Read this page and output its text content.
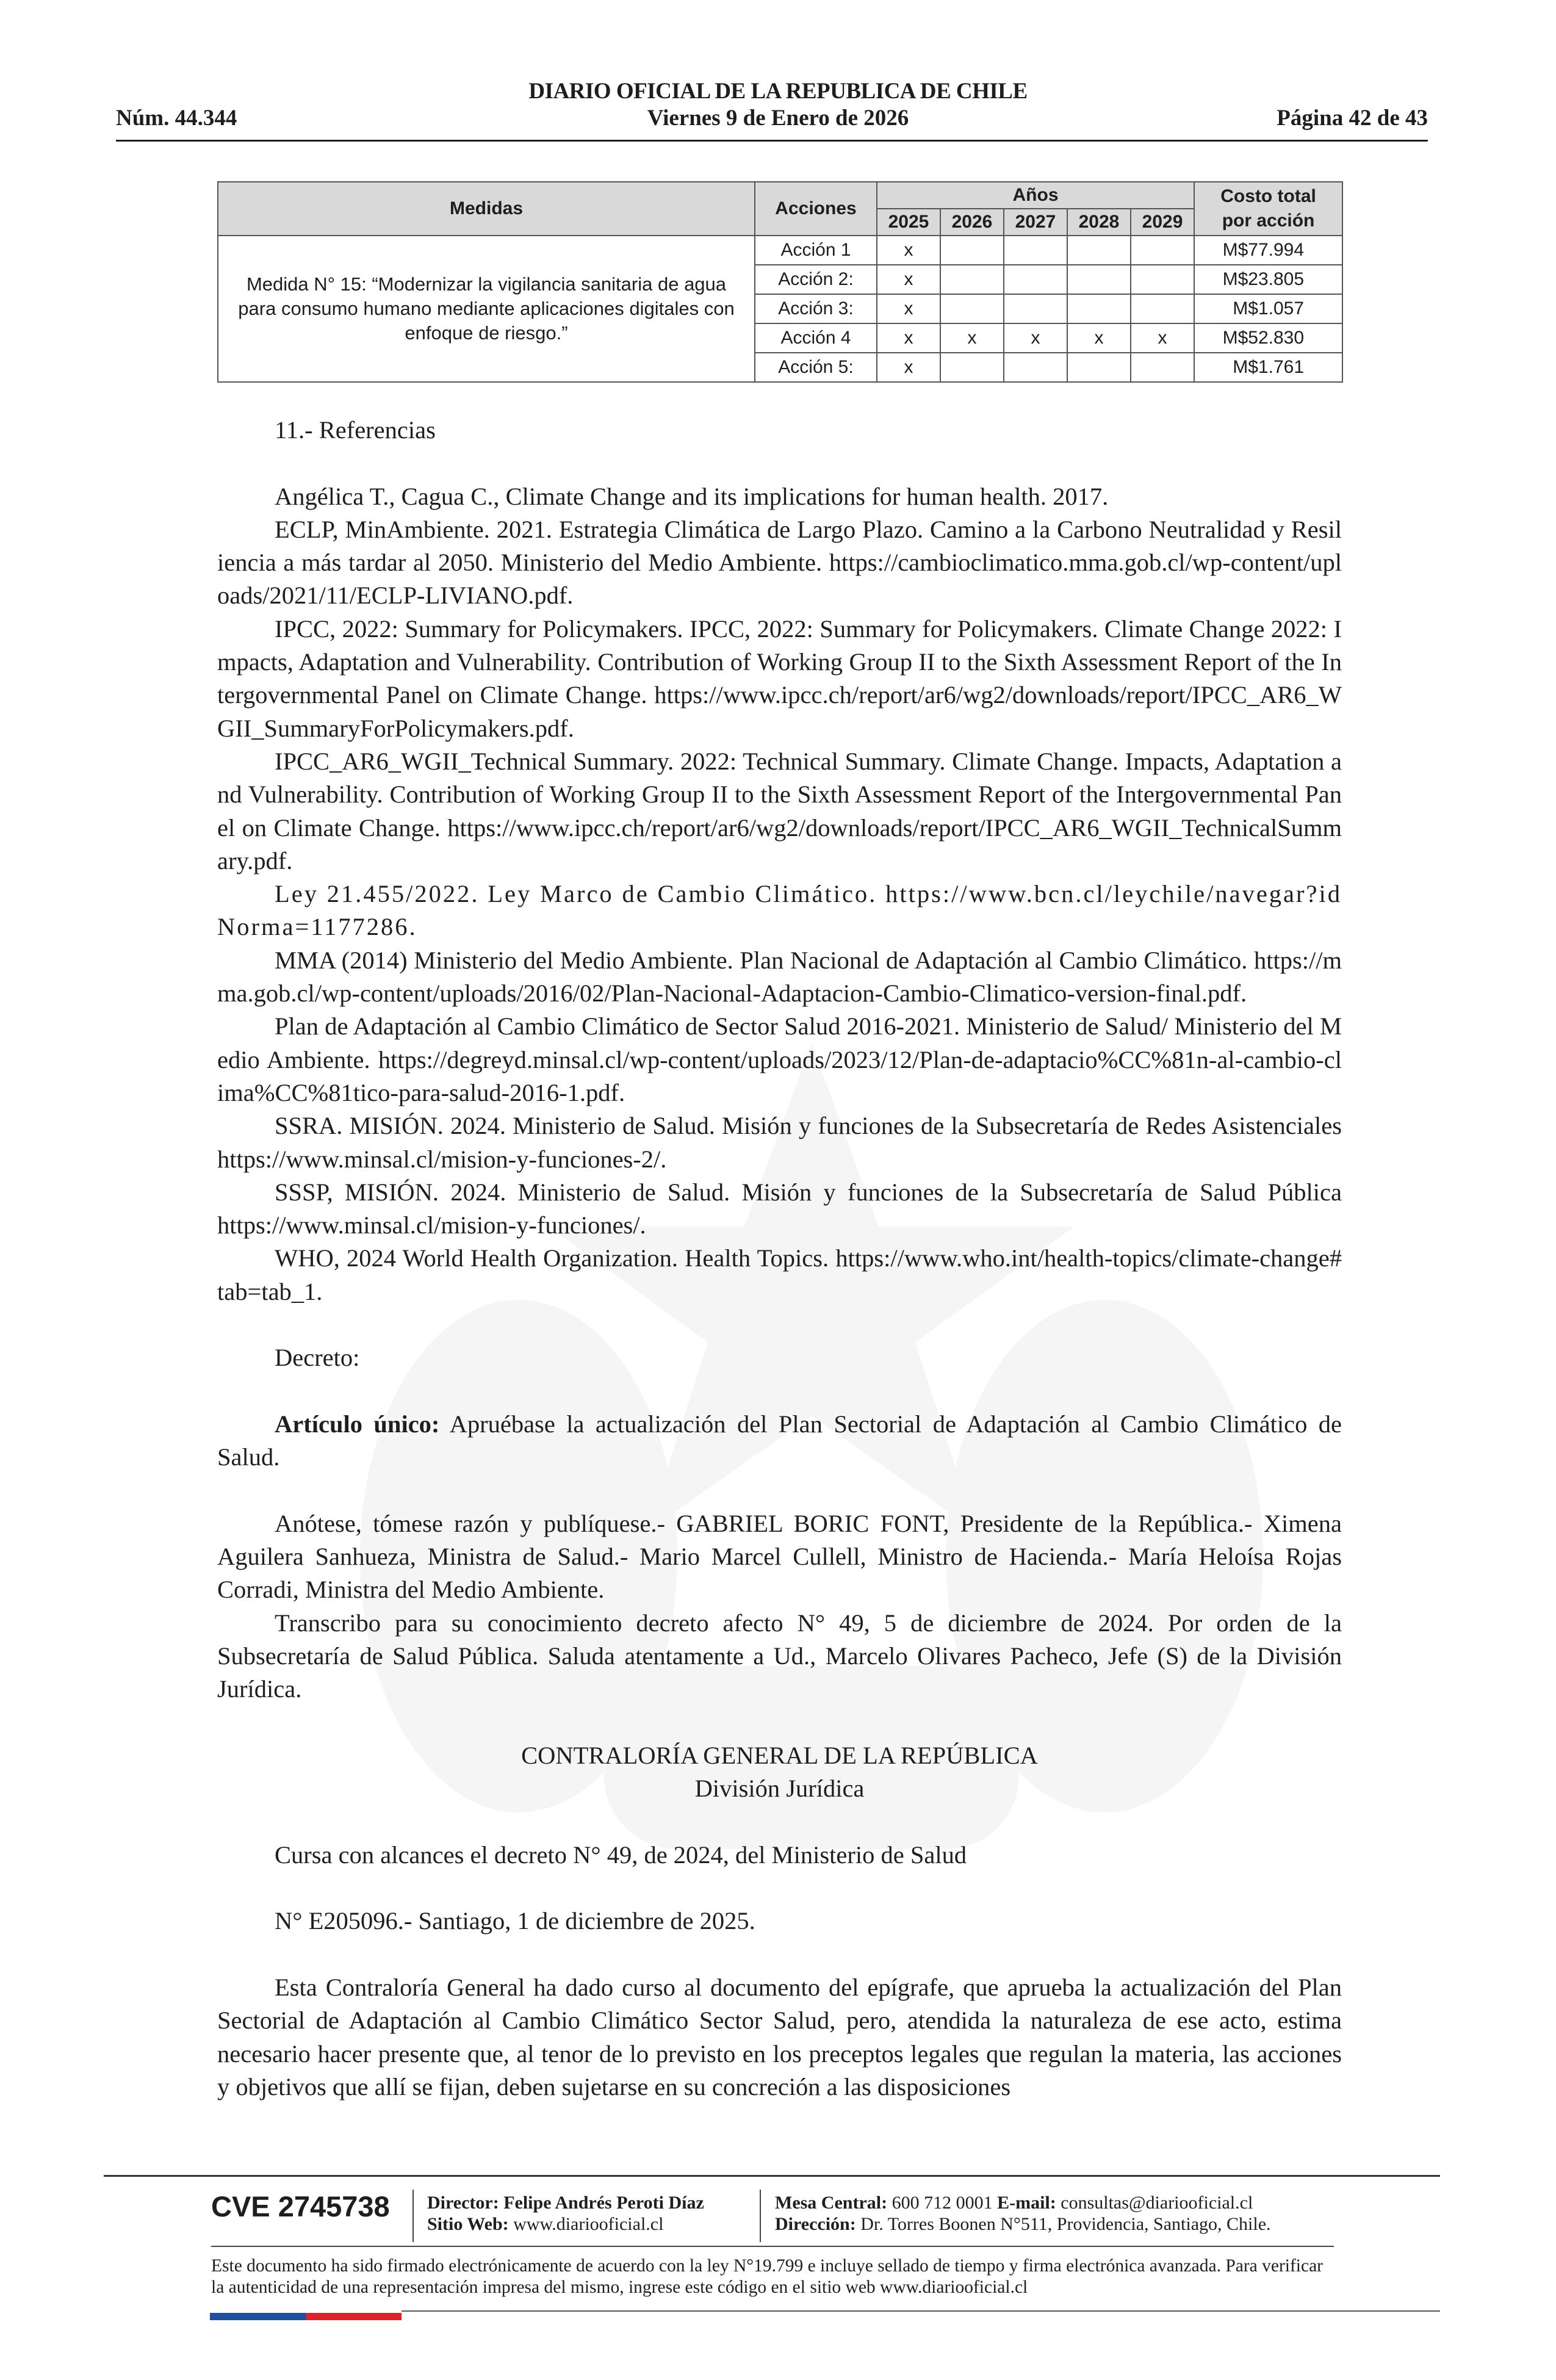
DIARIO OFICIAL DE LA REPUBLICA DE CHILE
Núm. 44.344	Viernes 9 de Enero de 2026	Página 42 de 43
Medidas	Acciones	Años					Costo total por acción
		2025	2026	2027	2028	2029	
Medida N° 15: “Modernizar la vigilancia sanitaria de agua para consumo humano mediante aplicaciones digitales con enfoque de riesgo.”	Acción 1	x					M$77.994
	Acción 2:	x					M$23.805
	Acción 3:	x					M$1.057
	Acción 4	x	x	x	x	x	M$52.830
	Acción 5:	x					M$1.761

11.- Referencias

Angélica T., Cagua C., Climate Change and its implications for human health. 2017.

ECLP, MinAmbiente. 2021. Estrategia Climática de Largo Plazo. Camino a la Carbono Neutralidad y Resiliencia a más tardar al 2050. Ministerio del Medio Ambiente. https://cambioclimatico.mma.gob.cl/wp-content/uploads/2021/11/ECLP-LIVIANO.pdf.

IPCC, 2022: Summary for Policymakers. IPCC, 2022: Summary for Policymakers. Climate Change 2022: Impacts, Adaptation and Vulnerability. Contribution of Working Group II to the Sixth Assessment Report of the Intergovernmental Panel on Climate Change. https://www.ipcc.ch/report/ar6/wg2/downloads/report/IPCC_AR6_WGII_SummaryForPolicymakers.pdf.

IPCC_AR6_WGII_Technical Summary. 2022: Technical Summary. Climate Change. Impacts, Adaptation and Vulnerability. Contribution of Working Group II to the Sixth Assessment Report of the Intergovernmental Panel on Climate Change. https://www.ipcc.ch/report/ar6/wg2/downloads/report/IPCC_AR6_WGII_TechnicalSummary.pdf.

Ley 21.455/2022. Ley Marco de Cambio Climático. https://www.bcn.cl/leychile/navegar?idNorma=1177286.

MMA (2014) Ministerio del Medio Ambiente. Plan Nacional de Adaptación al Cambio Climático. https://mma.gob.cl/wp-content/uploads/2016/02/Plan-Nacional-Adaptacion-Cambio-Climatico-version-final.pdf.

Plan de Adaptación al Cambio Climático de Sector Salud 2016-2021. Ministerio de Salud/ Ministerio del Medio Ambiente. https://degreyd.minsal.cl/wp-content/uploads/2023/12/Plan-de-adaptacio%CC%81n-al-cambio-clima%CC%81tico-para-salud-2016-1.pdf.

SSRA. MISIÓN. 2024. Ministerio de Salud. Misión y funciones de la Subsecretaría de Redes Asistenciales https://www.minsal.cl/mision-y-funciones-2/.

SSSP, MISIÓN. 2024. Ministerio de Salud. Misión y funciones de la Subsecretaría de Salud Pública https://www.minsal.cl/mision-y-funciones/.

WHO, 2024 World Health Organization. Health Topics. https://www.who.int/health-topics/climate-change#tab=tab_1.

Decreto:

Artículo único: Apruébase la actualización del Plan Sectorial de Adaptación al Cambio Climático de Salud.

Anótese, tómese razón y publíquese.- GABRIEL BORIC FONT, Presidente de la República.- Ximena Aguilera Sanhueza, Ministra de Salud.- Mario Marcel Cullell, Ministro de Hacienda.- María Heloísa Rojas Corradi, Ministra del Medio Ambiente.

Transcribo para su conocimiento decreto afecto N° 49, 5 de diciembre de 2024. Por orden de la Subsecretaría de Salud Pública. Saluda atentamente a Ud., Marcelo Olivares Pacheco, Jefe (S) de la División Jurídica.

CONTRALORÍA GENERAL DE LA REPÚBLICA

División Jurídica

Cursa con alcances el decreto N° 49, de 2024, del Ministerio de Salud

N° E205096.- Santiago, 1 de diciembre de 2025.

Esta Contraloría General ha dado curso al documento del epígrafe, que aprueba la actualización del Plan Sectorial de Adaptación al Cambio Climático Sector Salud, pero, atendida la naturaleza de ese acto, estima necesario hacer presente que, al tenor de lo previsto en los preceptos legales que regulan la materia, las acciones y objetivos que allí se fijan, deben sujetarse en su concreción a las disposiciones

CVE 2745738 Director: Felipe Andrés Peroti Díaz
Sitio Web: www.diariooficial.cl
Mesa Central: 600 712 0001 E-mail: consultas@diariooficial.cl
Dirección: Dr. Torres Boonen N°511, Providencia, Santiago, Chile.
Este documento ha sido firmado electrónicamente de acuerdo con la ley N°19.799 e incluye sellado de tiempo y firma electrónica avanzada. Para verificar la autenticidad de una representación impresa del mismo, ingrese este código en el sitio web www.diariooficial.cl
